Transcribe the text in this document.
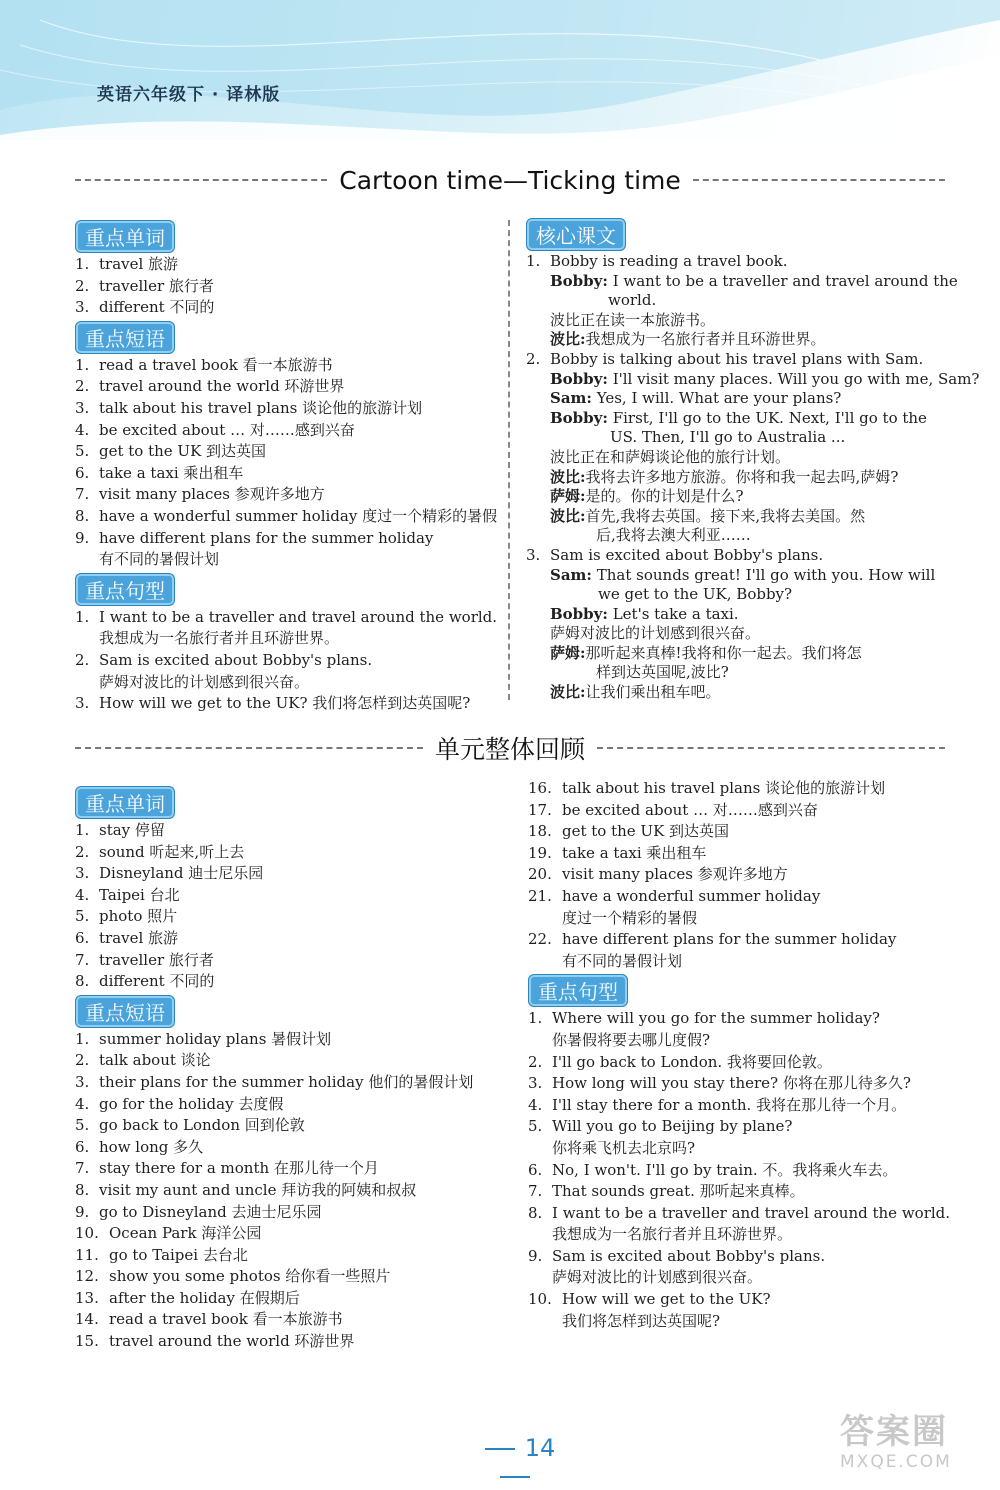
英语六年级下 · 译林版
Cartoon time—Ticking time
重点单词
1. travel 旅游
2. traveller 旅行者
3. different 不同的
重点短语
1. read a travel book 看一本旅游书
2. travel around the world 环游世界
3. talk about his travel plans 谈论他的旅游计划
4. be excited about … 对……感到兴奋
5. get to the UK 到达英国
6. take a taxi 乘出租车
7. visit many places 参观许多地方
8. have a wonderful summer holiday 度过一个精彩的暑假
9. have different plans for the summer holiday
有不同的暑假计划
重点句型
1. I want to be a traveller and travel around the world.
我想成为一名旅行者并且环游世界。
2. Sam is excited about Bobby's plans.
萨姆对波比的计划感到很兴奋。
3. How will we get to the UK? 我们将怎样到达英国呢?
核心课文
1. Bobby is reading a travel book.
Bobby: I want to be a traveller and travel around the
world.
波比正在读一本旅游书。
波比:我想成为一名旅行者并且环游世界。
2. Bobby is talking about his travel plans with Sam.
Bobby: I'll visit many places. Will you go with me, Sam?
Sam: Yes, I will. What are your plans?
Bobby: First, I'll go to the UK. Next, I'll go to the
US. Then, I'll go to Australia ...
波比正在和萨姆谈论他的旅行计划。
波比:我将去许多地方旅游。你将和我一起去吗,萨姆?
萨姆:是的。你的计划是什么?
波比:首先,我将去英国。接下来,我将去美国。然
后,我将去澳大利亚……
3. Sam is excited about Bobby's plans.
Sam: That sounds great! I'll go with you. How will
we get to the UK, Bobby?
Bobby: Let's take a taxi.
萨姆对波比的计划感到很兴奋。
萨姆:那听起来真棒!我将和你一起去。我们将怎
样到达英国呢,波比?
波比:让我们乘出租车吧。
单元整体回顾
重点单词
1. stay 停留
2. sound 听起来,听上去
3. Disneyland 迪士尼乐园
4. Taipei 台北
5. photo 照片
6. travel 旅游
7. traveller 旅行者
8. different 不同的
重点短语
1. summer holiday plans 暑假计划
2. talk about 谈论
3. their plans for the summer holiday 他们的暑假计划
4. go for the holiday 去度假
5. go back to London 回到伦敦
6. how long 多久
7. stay there for a month 在那儿待一个月
8. visit my aunt and uncle 拜访我的阿姨和叔叔
9. go to Disneyland 去迪士尼乐园
10. Ocean Park 海洋公园
11. go to Taipei 去台北
12. show you some photos 给你看一些照片
13. after the holiday 在假期后
14. read a travel book 看一本旅游书
15. travel around the world 环游世界
16. talk about his travel plans 谈论他的旅游计划
17. be excited about … 对……感到兴奋
18. get to the UK 到达英国
19. take a taxi 乘出租车
20. visit many places 参观许多地方
21. have a wonderful summer holiday
度过一个精彩的暑假
22. have different plans for the summer holiday
有不同的暑假计划
重点句型
1. Where will you go for the summer holiday?
你暑假将要去哪儿度假?
2. I'll go back to London. 我将要回伦敦。
3. How long will you stay there? 你将在那儿待多久?
4. I'll stay there for a month. 我将在那儿待一个月。
5. Will you go to Beijing by plane?
你将乘飞机去北京吗?
6. No, I won't. I'll go by train. 不。我将乘火车去。
7. That sounds great. 那听起来真棒。
8. I want to be a traveller and travel around the world.
我想成为一名旅行者并且环游世界。
9. Sam is excited about Bobby's plans.
萨姆对波比的计划感到很兴奋。
10. How will we get to the UK?
我们将怎样到达英国呢?
14	答案圈
MXQE.COM
